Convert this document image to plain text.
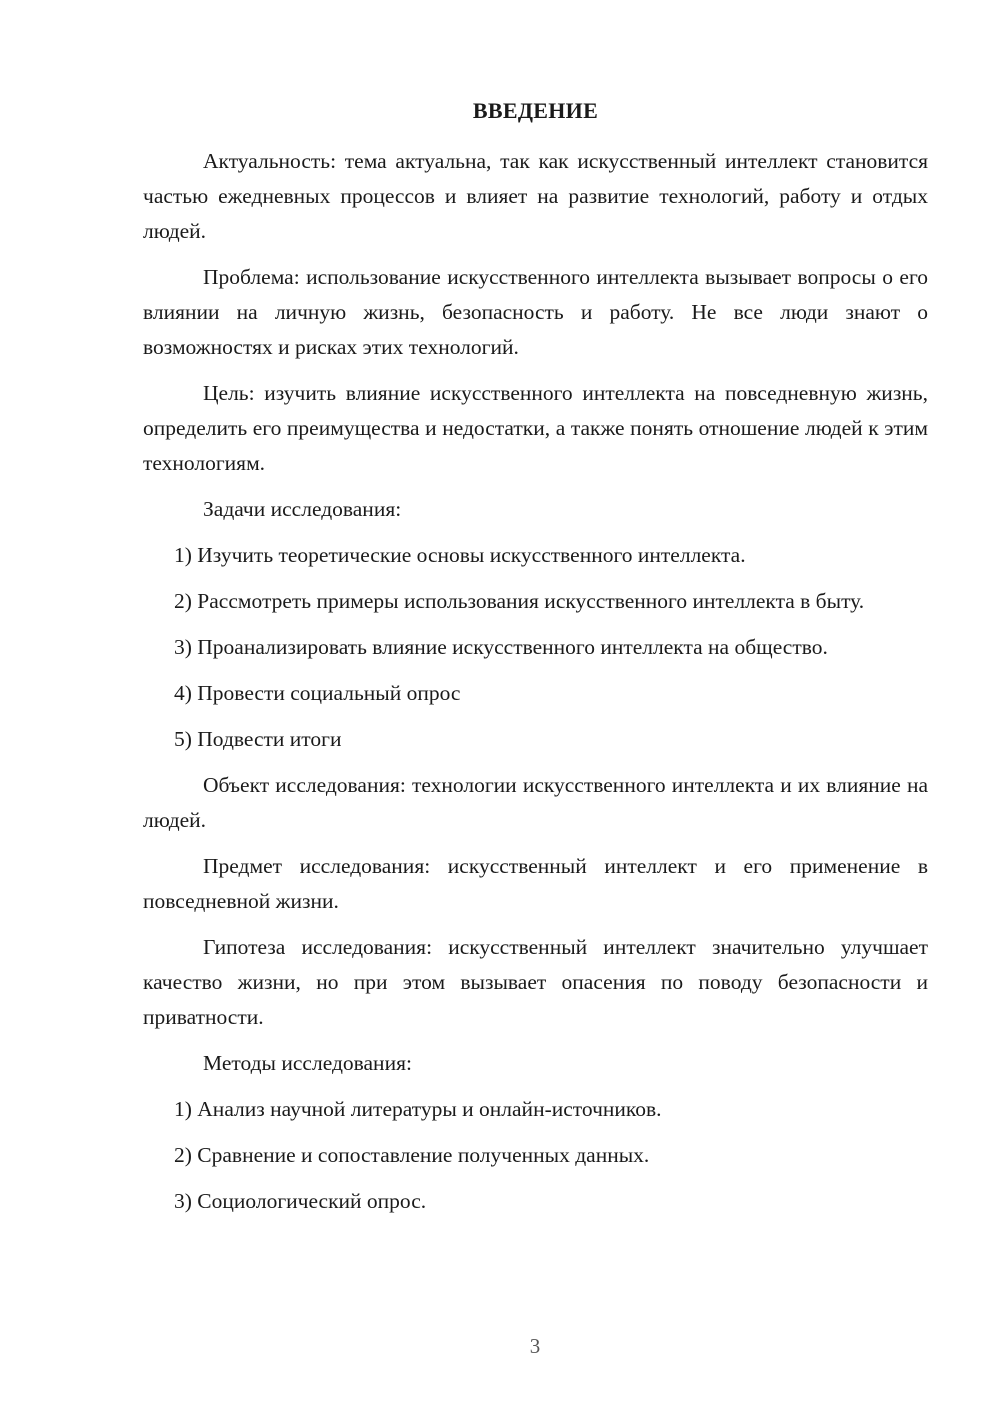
ВВЕДЕНИЕ

Актуальность: тема актуальна, так как искусственный интеллект становится частью ежедневных процессов и влияет на развитие технологий, работу и отдых людей.

Проблема: использование искусственного интеллекта вызывает вопросы о его влиянии на личную жизнь, безопасность и работу. Не все люди знают о возможностях и рисках этих технологий.

Цель: изучить влияние искусственного интеллекта на повседневную жизнь, определить его преимущества и недостатки, а также понять отношение людей к этим технологиям.

Задачи исследования:

1) Изучить теоретические основы искусственного интеллекта.

2) Рассмотреть примеры использования искусственного интеллекта в быту.

3) Проанализировать влияние искусственного интеллекта на общество.

4) Провести социальный опрос

5) Подвести итоги

Объект исследования: технологии искусственного интеллекта и их влияние на людей.

Предмет исследования: искусственный интеллект и его применение в повседневной жизни.

Гипотеза исследования: искусственный интеллект значительно улучшает качество жизни, но при этом вызывает опасения по поводу безопасности и приватности.

Методы исследования:

1) Анализ научной литературы и онлайн-источников.

2) Сравнение и сопоставление полученных данных.

3) Социологический опрос.

3
